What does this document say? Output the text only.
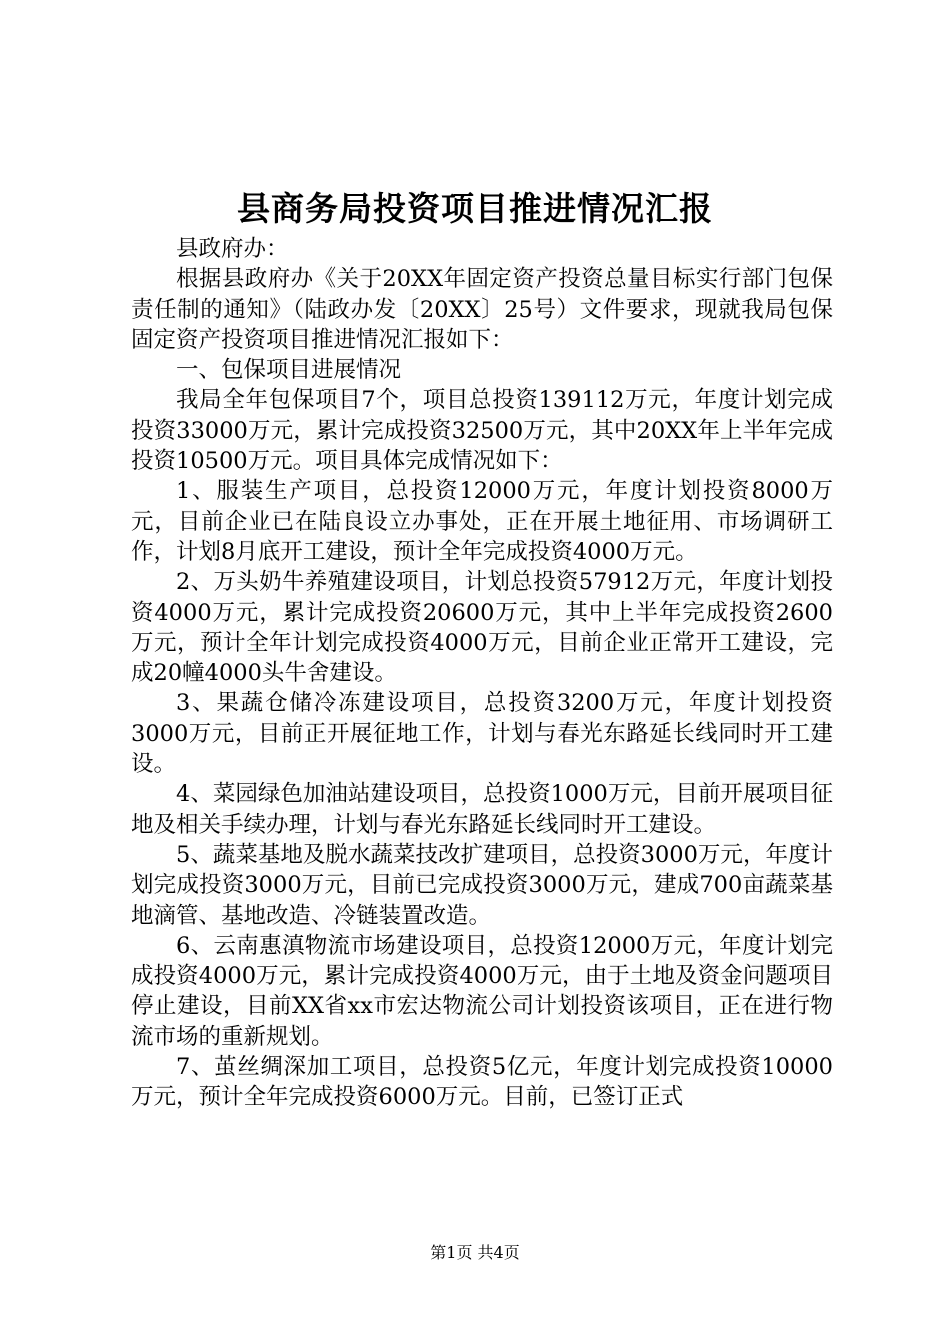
县商务局投资项目推进情况汇报

县政府办：

根据县政府办《关于20XX年固定资产投资总量目标实行部门包保责任制的通知》（陆政办发〔20XX〕25号）文件要求，现就我局包保固定资产投资项目推进情况汇报如下：

一、包保项目进展情况

我局全年包保项目7个，项目总投资139112万元，年度计划完成投资33000万元，累计完成投资32500万元，其中20XX年上半年完成投资10500万元。项目具体完成情况如下：

1、服装生产项目，总投资12000万元，年度计划投资8000万元，目前企业已在陆良设立办事处，正在开展土地征用、市场调研工作，计划8月底开工建设，预计全年完成投资4000万元。

2、万头奶牛养殖建设项目，计划总投资57912万元，年度计划投资4000万元，累计完成投资20600万元，其中上半年完成投资2600万元，预计全年计划完成投资4000万元，目前企业正常开工建设，完成20幢4000头牛舍建设。

3、果蔬仓储冷冻建设项目，总投资3200万元，年度计划投资3000万元，目前正开展征地工作，计划与春光东路延长线同时开工建设。

4、菜园绿色加油站建设项目，总投资1000万元，目前开展项目征地及相关手续办理，计划与春光东路延长线同时开工建设。

5、蔬菜基地及脱水蔬菜技改扩建项目，总投资3000万元，年度计划完成投资3000万元，目前已完成投资3000万元，建成700亩蔬菜基地滴管、基地改造、冷链装置改造。

6、云南惠滇物流市场建设项目，总投资12000万元，年度计划完成投资4000万元，累计完成投资4000万元，由于土地及资金问题项目停止建设，目前XX省xx市宏达物流公司计划投资该项目，正在进行物流市场的重新规划。

7、茧丝绸深加工项目，总投资5亿元，年度计划完成投资10000万元，预计全年完成投资6000万元。目前，已签订正式

第1页 共4页
